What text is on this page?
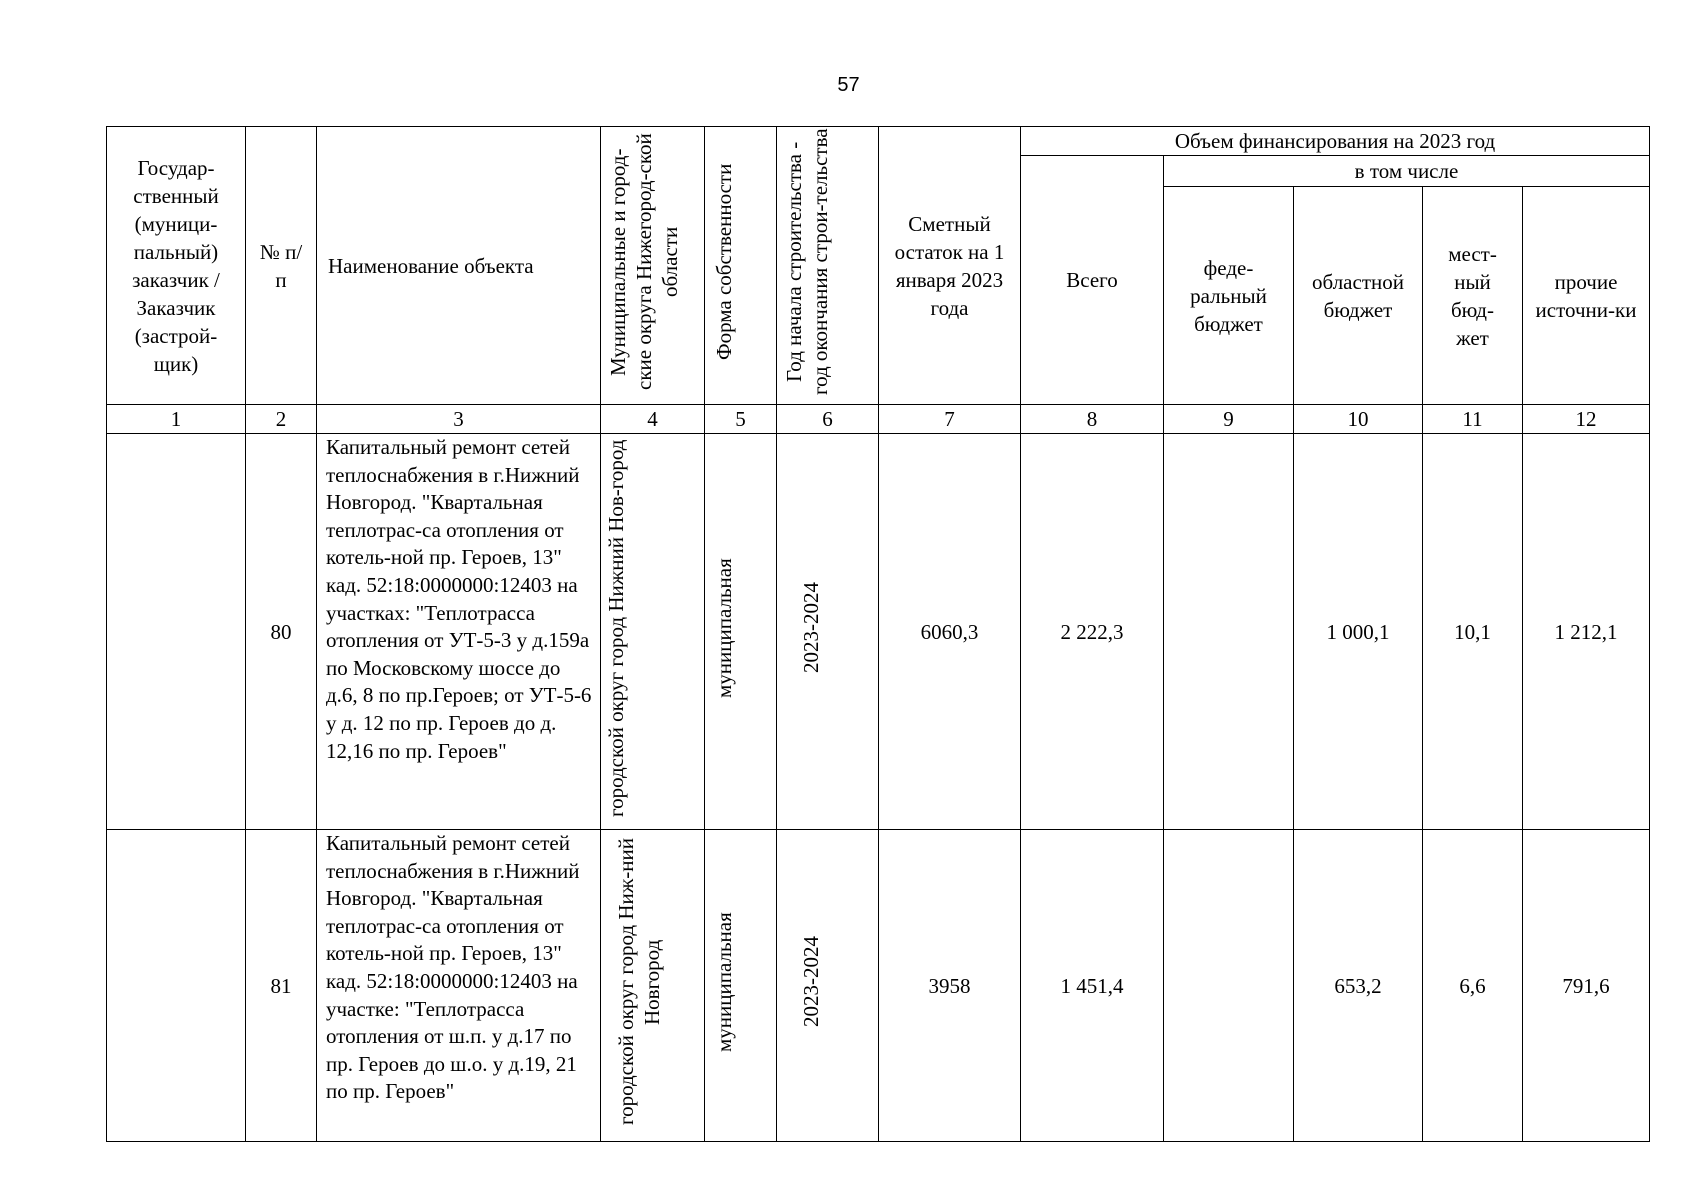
57
Государ-ственный (муници-пальный) заказчик / Заказчик (застрой-щик)	№ п/п	Наименование объекта	Муниципальные и город-ские округа Нижегород-ской области	Форма собственности	Год начала строительства - год окончания строи-тельства	Сметный остаток на 1 января 2023 года	Объем финансирования на 2023 год				
							Всего	в том числе			
								феде-ральный бюджет	областной бюджет	мест-ный бюд-жет	прочие источни-ки
1	2	3	4	5	6	7	8	9	10	11	12
	80	Капитальный ремонт сетей теплоснабжения в г.Нижний Новгород. "Квартальная теплотрас-са отопления от котель-ной пр. Героев, 13" кад. 52:18:0000000:12403 на участках: "Теплотрасса отопления от УТ-5-3 у д.159а по Московскому шоссе до д.6, 8 по пр.Героев; от УТ-5-6 у д. 12 по пр. Героев до д. 12,16 по пр. Героев"	городской округ город Нижний Нов-город	муниципальная	2023-2024	6060,3	2 222,3		1 000,1	10,1	1 212,1
	81	Капитальный ремонт сетей теплоснабжения в г.Нижний Новгород. "Квартальная теплотрас-са отопления от котель-ной пр. Героев, 13" кад. 52:18:0000000:12403 на участке: "Теплотрасса отопления от ш.п. у д.17 по пр. Героев до ш.о. у д.19, 21 по пр. Героев"	городской округ город Ниж-ний Новгород	муниципальная	2023-2024	3958	1 451,4		653,2	6,6	791,6
